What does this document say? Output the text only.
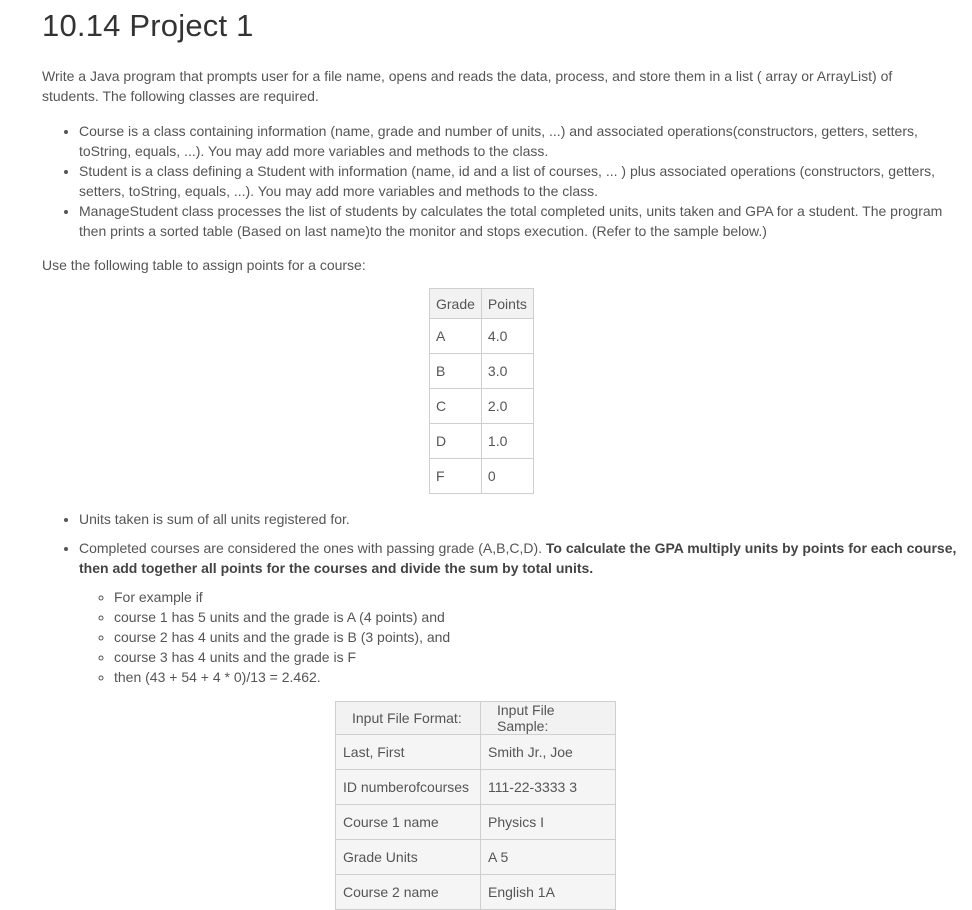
10.14 Project 1

Write a Java program that prompts user for a file name, opens and reads the data, process, and store them in a list ( array or ArrayList) of students. The following classes are required.

• Course is a class containing information (name, grade and number of units, ...) and associated operations(constructors, getters, setters, toString, equals, ...). You may add more variables and methods to the class.
• Student is a class defining a Student with information (name, id and a list of courses, ... ) plus associated operations (constructors, getters, setters, toString, equals, ...). You may add more variables and methods to the class.
• ManageStudent class processes the list of students by calculates the total completed units, units taken and GPA for a student. The program then prints a sorted table (Based on last name)to the monitor and stops execution. (Refer to the sample below.)

Use the following table to assign points for a course:

Grade	Points
A	4.0
B	3.0
C	2.0
D	1.0
F	0
• Units taken is sum of all units registered for.
• Completed courses are considered the ones with passing grade (A,B,C,D). To calculate the GPA multiply units by points for each course, then add together all points for the courses and divide the sum by total units.
◦ For example if
◦ course 1 has 5 units and the grade is A (4 points) and
◦ course 2 has 4 units and the grade is B (3 points), and
◦ course 3 has 4 units and the grade is F
◦ then (43 + 54 + 4 * 0)/13 = 2.462.
Input File Format:	Input File Sample:
Last, First	Smith Jr., Joe
ID numberofcourses	111-22-3333 3
Course 1 name	Physics I
Grade Units	A 5
Course 2 name	English 1A
